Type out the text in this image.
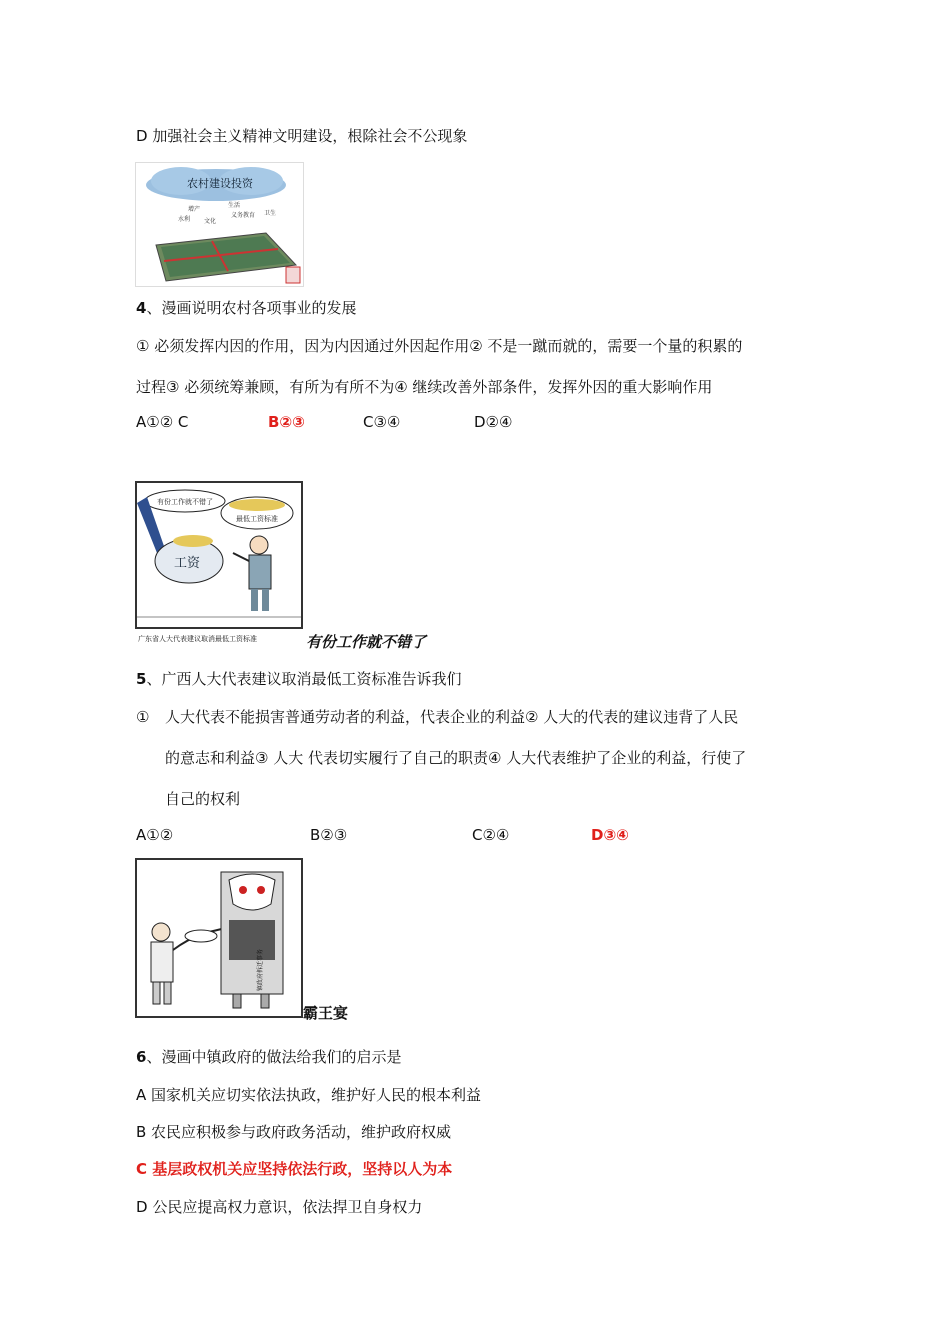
D 加强社会主义精神文明建设，根除社会不公现象
农村建设投资
生活
增产
水利 文化
义务教育 卫生
4、漫画说明农村各项事业的发展
① 必须发挥内因的作用，因为内因通过外因起作用② 不是一蹴而就的，需要一个量的积累的
过程③ 必须统筹兼顾，有所为有所不为④ 继续改善外部条件，发挥外因的重大影响作用
A①② C	B②③	C③④	D②④
有份工作就不错了
最低工资标准
工资
广东省人大代表建议取消最低工资标准	有份工作就不错了
5、广西人大代表建议取消最低工资标准告诉我们
① 人大代表不能损害普通劳动者的利益，代表企业的利益② 人大的代表的建议违背了人民
的意志和利益③ 人大 代表切实履行了自己的职责④ 人大代表维护了企业的利益，行使了
自己的权利
A①②	B②③	C②④	D③④
镇政府拆迁事务
霸王宴
6、漫画中镇政府的做法给我们的启示是
A 国家机关应切实依法执政，维护好人民的根本利益
B 农民应积极参与政府政务活动，维护政府权威
C 基层政权机关应坚持依法行政，坚持以人为本
D 公民应提高权力意识，依法捍卫自身权力
